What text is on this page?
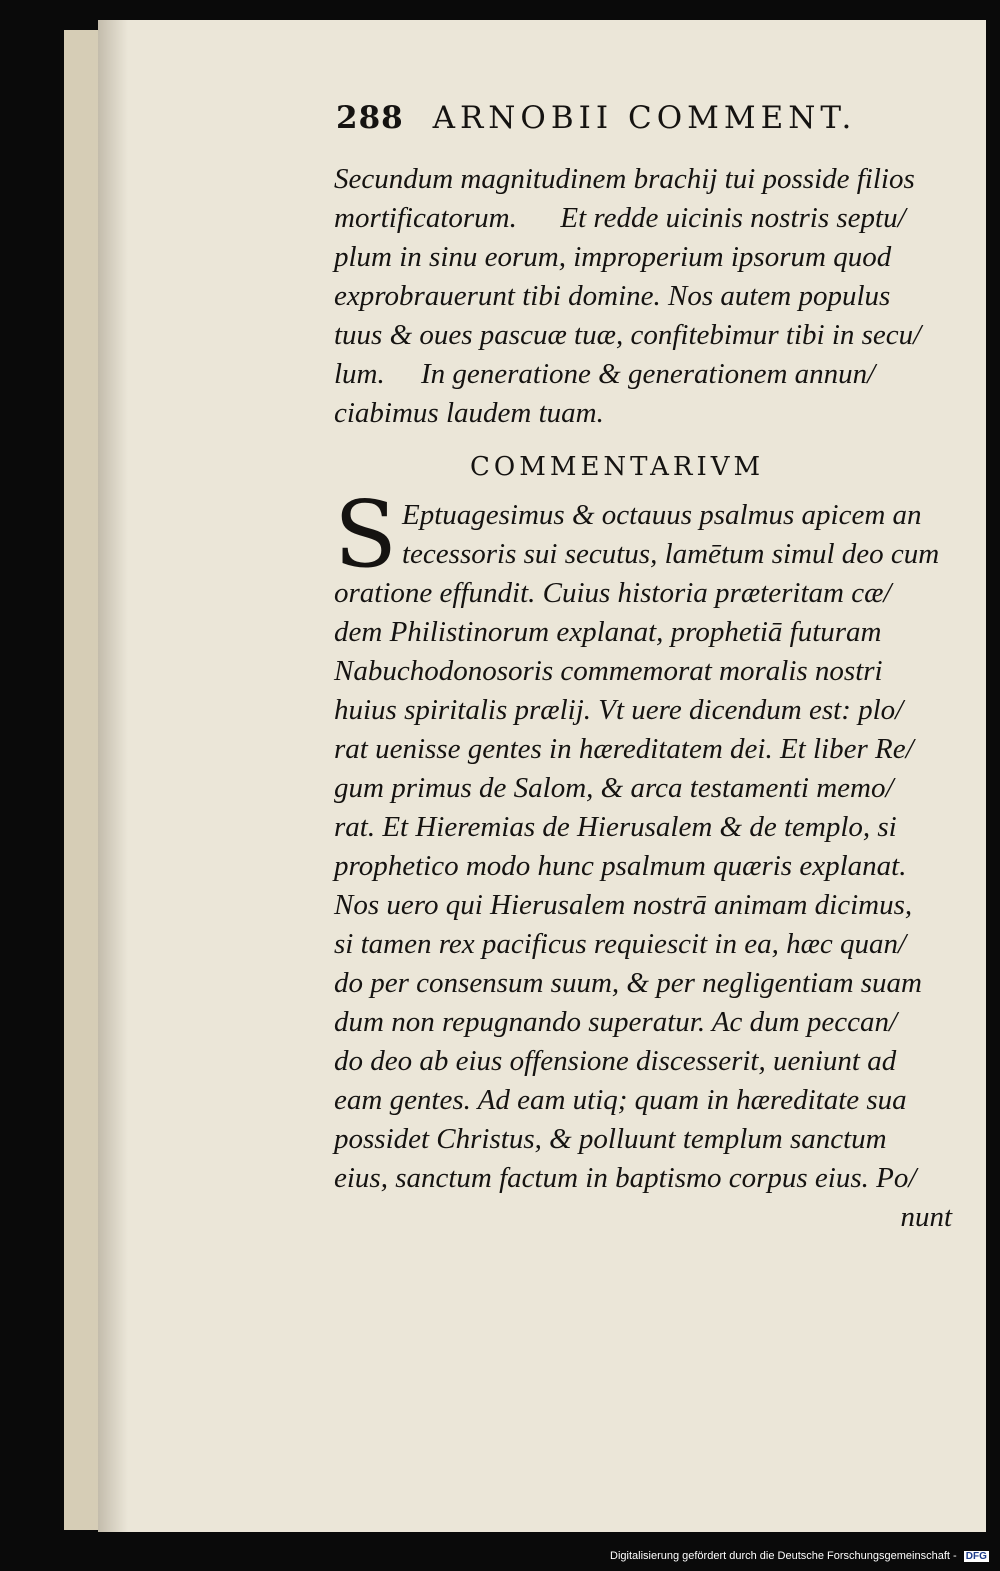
288 ARNOBII COMMENT.
Secundum magnitudinem brachij tui posside filios
mortificatorum.      Et redde uicinis nostris septu/
plum in sinu eorum, improperium ipsorum quod
exprobrauerunt tibi domine. Nos autem populus
tuus & oues pascuæ tuæ, confitebimur tibi in secu/
lum.     In generatione & generationem annun/
ciabimus laudem tuam.
COMMENTARIVM
S Eptuagesimus & octauus psalmus apicem an
tecessoris sui secutus, lamētum simul deo cum
oratione effundit. Cuius historia præteritam cæ/
dem Philistinorum explanat, prophetiā futuram
Nabuchodonosoris commemorat moralis nostri
huius spiritalis prælij. Vt uere dicendum est: plo/
rat uenisse gentes in hæreditatem dei. Et liber Re/
gum primus de Salom, & arca testamenti memo/
rat. Et Hieremias de Hierusalem & de templo, si
prophetico modo hunc psalmum quæris explanat.
Nos uero qui Hierusalem nostrā animam dicimus,
si tamen rex pacificus requiescit in ea, hæc quan/
do per consensum suum, & per negligentiam suam
dum non repugnando superatur. Ac dum peccan/
do deo ab eius offensione discesserit, ueniunt ad
eam gentes. Ad eam utiq; quam in hæreditate sua
possidet Christus, & polluunt templum sanctum
eius, sanctum factum in baptismo corpus eius. Po/
nunt
Digitalisierung gefördert durch die Deutsche Forschungsgemeinschaft - DFG
